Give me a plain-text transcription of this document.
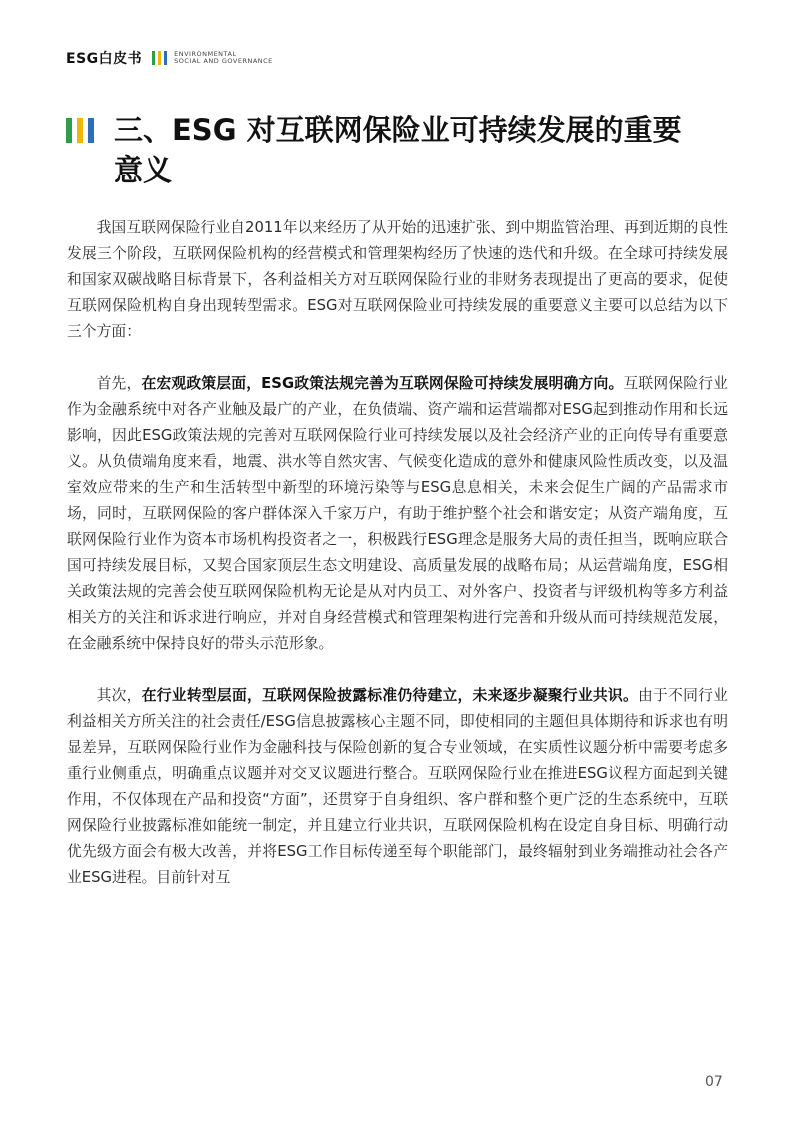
ESG白皮书	ENVIRONMENTAL
SOCIAL AND GOVERNANCE
三、ESG 对互联网保险业可持续发展的重要
意义

我国互联网保险行业自2011年以来经历了从开始的迅速扩张、到中期监管治理、再到近期的良性发展三个阶段，互联网保险机构的经营模式和管理架构经历了快速的迭代和升级。在全球可持续发展和国家双碳战略目标背景下，各利益相关方对互联网保险行业的非财务表现提出了更高的要求，促使互联网保险机构自身出现转型需求。ESG对互联网保险业可持续发展的重要意义主要可以总结为以下三个方面：

首先，在宏观政策层面，ESG政策法规完善为互联网保险可持续发展明确方向。互联网保险行业作为金融系统中对各产业触及最广的产业，在负债端、资产端和运营端都对ESG起到推动作用和长远影响，因此ESG政策法规的完善对互联网保险行业可持续发展以及社会经济产业的正向传导有重要意义。从负债端角度来看，地震、洪水等自然灾害、气候变化造成的意外和健康风险性质改变，以及温室效应带来的生产和生活转型中新型的环境污染等与ESG息息相关，未来会促生广阔的产品需求市场，同时，互联网保险的客户群体深入千家万户，有助于维护整个社会和谐安定；从资产端角度，互联网保险行业作为资本市场机构投资者之一，积极践行ESG理念是服务大局的责任担当，既响应联合国可持续发展目标，又契合国家顶层生态文明建设、高质量发展的战略布局；从运营端角度，ESG相关政策法规的完善会使互联网保险机构无论是从对内员工、对外客户、投资者与评级机构等多方利益相关方的关注和诉求进行响应，并对自身经营模式和管理架构进行完善和升级从而可持续规范发展，在金融系统中保持良好的带头示范形象。

其次，在行业转型层面，互联网保险披露标准仍待建立，未来逐步凝聚行业共识。由于不同行业利益相关方所关注的社会责任/ESG信息披露核心主题不同，即使相同的主题但具体期待和诉求也有明显差异，互联网保险行业作为金融科技与保险创新的复合专业领域，在实质性议题分析中需要考虑多重行业侧重点，明确重点议题并对交叉议题进行整合。互联网保险行业在推进ESG议程方面起到关键作用，不仅体现在产品和投资“方面”，还贯穿于自身组织、客户群和整个更广泛的生态系统中，互联网保险行业披露标准如能统一制定，并且建立行业共识，互联网保险机构在设定自身目标、明确行动优先级方面会有极大改善，并将ESG工作目标传递至每个职能部门，最终辐射到业务端推动社会各产业ESG进程。目前针对互

07
